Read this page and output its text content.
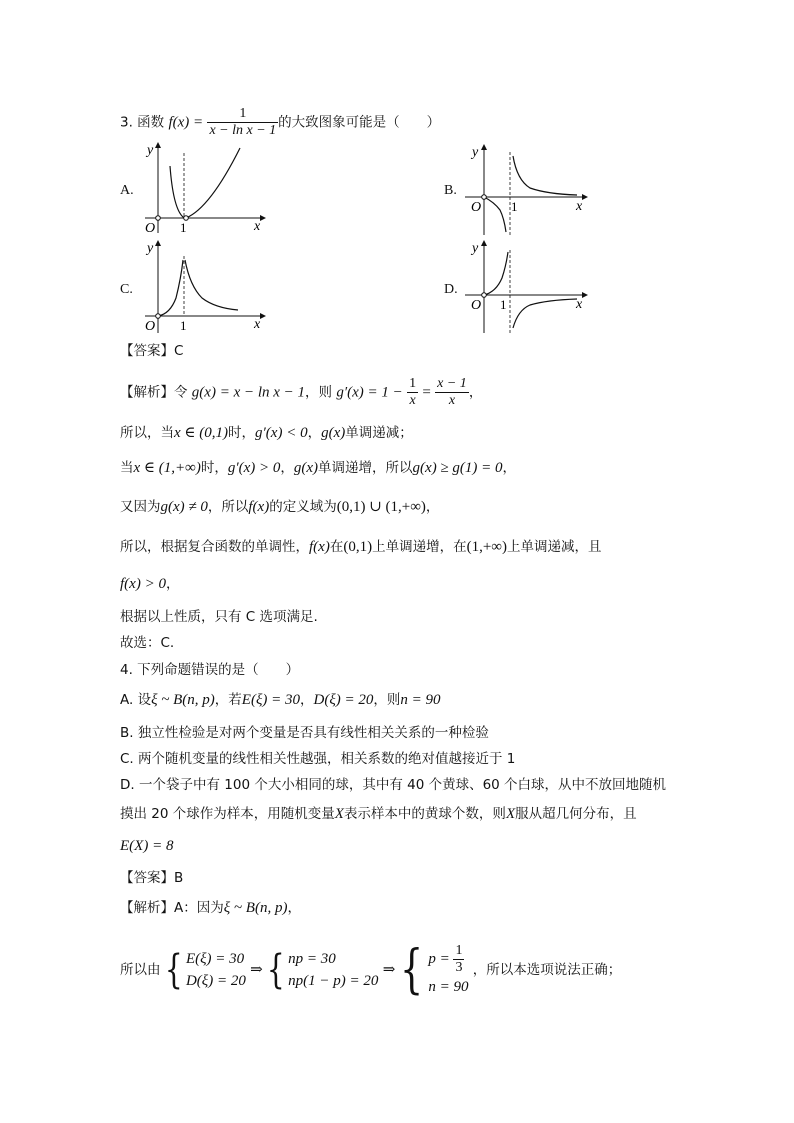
3. 函数 $f(x) = \frac{1}{\text{x − ln x − 1}}$ 的大致图象可能是（　　）
A.	B.
C.	D.
O 1	x
y
O 1	x
y
O 1	x
y
O 1	x
y
【答案】C
【解析】令 g(x) = x − ln x − 1，则 $g'(x) = 1 - \frac{1}{x} = \frac{x - 1}{x}$ ，
所以，当x ∈ (0,1)时，g′(x) < 0，g(x)单调递减；
当x ∈ (1,+∞)时，g′(x) > 0，g(x)单调递增，所以g(x) ≥ g(1) = 0，
又因为g(x) ≠ 0，所以f(x)的定义域为(0,1) ∪ (1,+∞)，
所以，根据复合函数的单调性，f(x)在(0,1)上单调递增，在(1,+∞)上单调递减，且
f(x) > 0，
根据以上性质，只有 C 选项满足.
故选：C.
4. 下列命题错误的是（　　）
A. 设ξ ~ B(n, p)，若E(ξ) = 30，D(ξ) = 20，则n = 90
B. 独立性检验是对两个变量是否具有线性相关关系的一种检验
C. 两个随机变量的线性相关性越强，相关系数的绝对值越接近于 1
D. 一个袋子中有 100 个大小相同的球，其中有 40 个黄球、60 个白球，从中不放回地随机
摸出 20 个球作为样本，用随机变量X表示样本中的黄球个数，则X服从超几何分布，且
E(X) = 8
【答案】B
【解析】A：因为ξ ~ B(n, p)，
所以由{ E(ξ) = 30
D(ξ) = 20
⇒{ np = 30
np(1 − p) = 20
⇒{ $p = \frac{1}{3}$
n = 90
，所以本选项说法正确；
